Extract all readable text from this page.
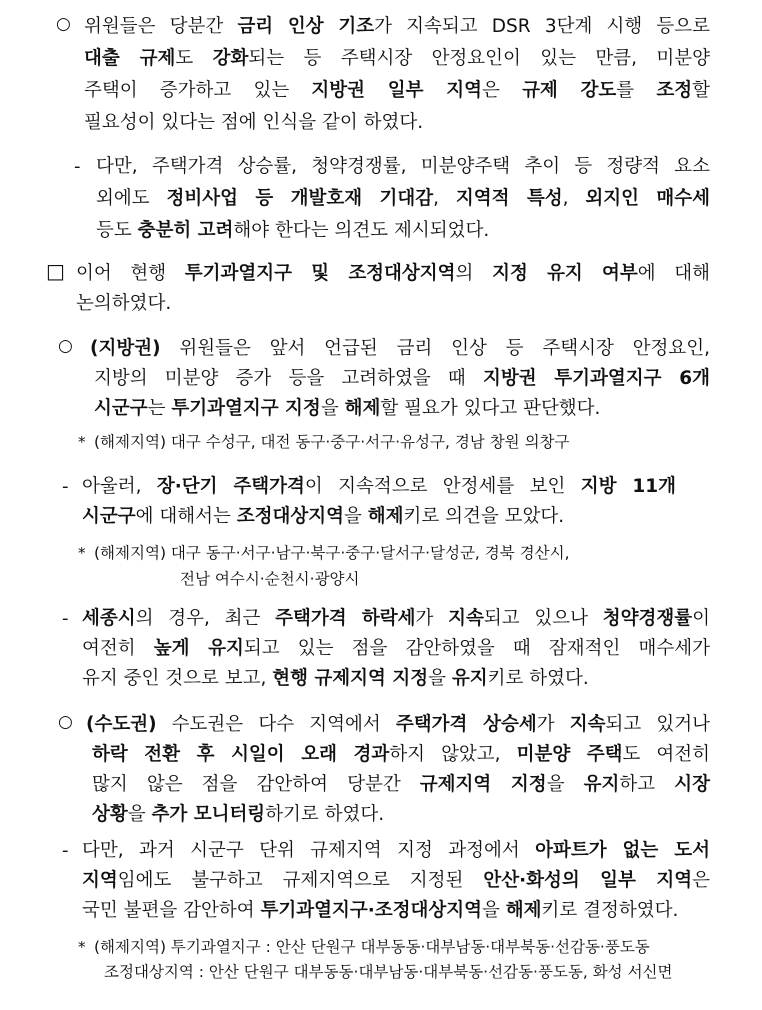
○ 위원들은 당분간 금리 인상 기조가 지속되고 DSR 3단계 시행 등으로
대출 규제도 강화되는 등 주택시장 안정요인이 있는 만큼, 미분양
주택이 증가하고 있는 지방권 일부 지역은 규제 강도를 조정할
필요성이 있다는 점에 인식을 같이 하였다.
- 다만, 주택가격 상승률, 청약경쟁률, 미분양주택 추이 등 정량적 요소
외에도 정비사업 등 개발호재 기대감, 지역적 특성, 외지인 매수세
등도 충분히 고려해야 한다는 의견도 제시되었다.
□ 이어 현행 투기과열지구 및 조정대상지역의 지정 유지 여부에 대해
논의하였다.
○ (지방권) 위원들은 앞서 언급된 금리 인상 등 주택시장 안정요인,
지방의 미분양 증가 등을 고려하였을 때 지방권 투기과열지구 6개
시군구는 투기과열지구 지정을 해제할 필요가 있다고 판단했다.
* (해제지역) 대구 수성구, 대전 동구·중구·서구·유성구, 경남 창원 의창구
- 아울러, 장·단기 주택가격이 지속적으로 안정세를 보인 지방 11개
시군구에 대해서는 조정대상지역을 해제키로 의견을 모았다.
* (해제지역) 대구 동구·서구·남구·북구·중구·달서구·달성군, 경북 경산시,
전남 여수시·순천시·광양시
- 세종시의 경우, 최근 주택가격 하락세가 지속되고 있으나 청약경쟁률이
여전히 높게 유지되고 있는 점을 감안하였을 때 잠재적인 매수세가
유지 중인 것으로 보고, 현행 규제지역 지정을 유지키로 하였다.
○ (수도권) 수도권은 다수 지역에서 주택가격 상승세가 지속되고 있거나
하락 전환 후 시일이 오래 경과하지 않았고, 미분양 주택도 여전히
많지 않은 점을 감안하여 당분간 규제지역 지정을 유지하고 시장
상황을 추가 모니터링하기로 하였다.
- 다만, 과거 시군구 단위 규제지역 지정 과정에서 아파트가 없는 도서
지역임에도 불구하고 규제지역으로 지정된 안산·화성의 일부 지역은
국민 불편을 감안하여 투기과열지구·조정대상지역을 해제키로 결정하였다.
* (해제지역) 투기과열지구 : 안산 단원구 대부동동·대부남동·대부북동·선감동·풍도동
조정대상지역 : 안산 단원구 대부동동·대부남동·대부북동·선감동·풍도동, 화성 서신면
